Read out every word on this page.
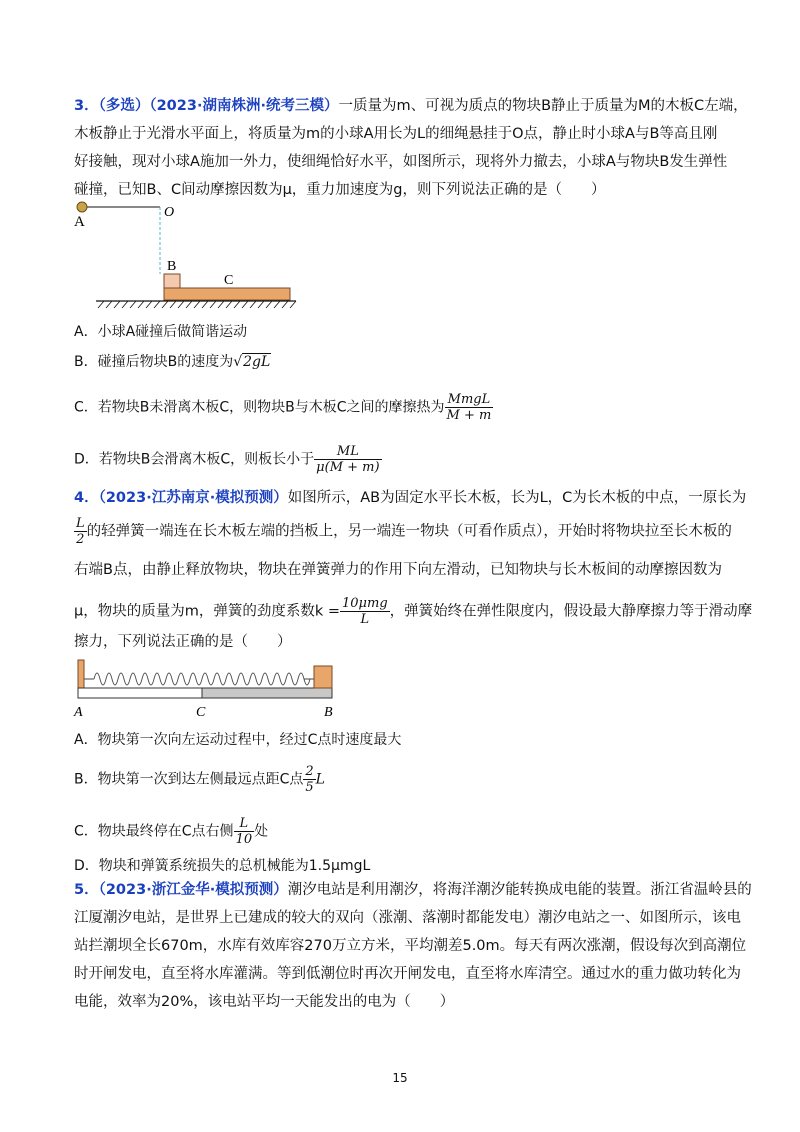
3．（多选）（2023·湖南株洲·统考三模）一质量为m、可视为质点的物块B静止于质量为M的木板C左端，
木板静止于光滑水平面上，将质量为m的小球A用长为L的细绳悬挂于O点，静止时小球A与B等高且刚
好接触，现对小球A施加一外力，使细绳恰好水平，如图所示，现将外力撤去，小球A与物块B发生弹性
碰撞，已知B、C间动摩擦因数为μ，重力加速度为g，则下列说法正确的是（　　）
O
A
B
C
A．小球A碰撞后做简谐运动
B．碰撞后物块B的速度为√2gL
C．若物块B未滑离木板C，则物块B与木板C之间的摩擦热为 $\frac{\text{MmgL}}{M + m}$
D．若物块B会滑离木板C，则板长小于 $\frac{ML}{\mu(M + m)}$
4．（2023·江苏南京·模拟预测）如图所示，AB为固定水平长木板，长为L，C为长木板的中点，一原长为
$\frac{L}{2}$ 的轻弹簧一端连在长木板左端的挡板上，另一端连一物块（可看作质点），开始时将物块拉至长木板的
右端B点，由静止释放物块，物块在弹簧弹力的作用下向左滑动，已知物块与长木板间的动摩擦因数为
μ，物块的质量为m，弹簧的劲度系数$k = \frac{\text{10μmg}}{L}$ ，弹簧始终在弹性限度内，假设最大静摩擦力等于滑动摩
擦力，下列说法正确的是（　　）
A	C	B
A．物块第一次向左运动过程中，经过C点时速度最大
B．物块第一次到达左侧最远点距C点 $\frac{2}{5}$ L
C．物块最终停在C点右侧 $\frac{L}{10}$ 处
D．物块和弹簧系统损失的总机械能为1.5μmgL
5．（2023·浙江金华·模拟预测）潮汐电站是利用潮汐，将海洋潮汐能转换成电能的装置。浙江省温岭县的
江厦潮汐电站，是世界上已建成的较大的双向（涨潮、落潮时都能发电）潮汐电站之一、如图所示，该电
站拦潮坝全长670m，水库有效库容270万立方米，平均潮差5.0m。每天有两次涨潮，假设每次到高潮位
时开闸发电，直至将水库灌满。等到低潮位时再次开闸发电，直至将水库清空。通过水的重力做功转化为
电能，效率为20%，该电站平均一天能发出的电为（　　）
15
